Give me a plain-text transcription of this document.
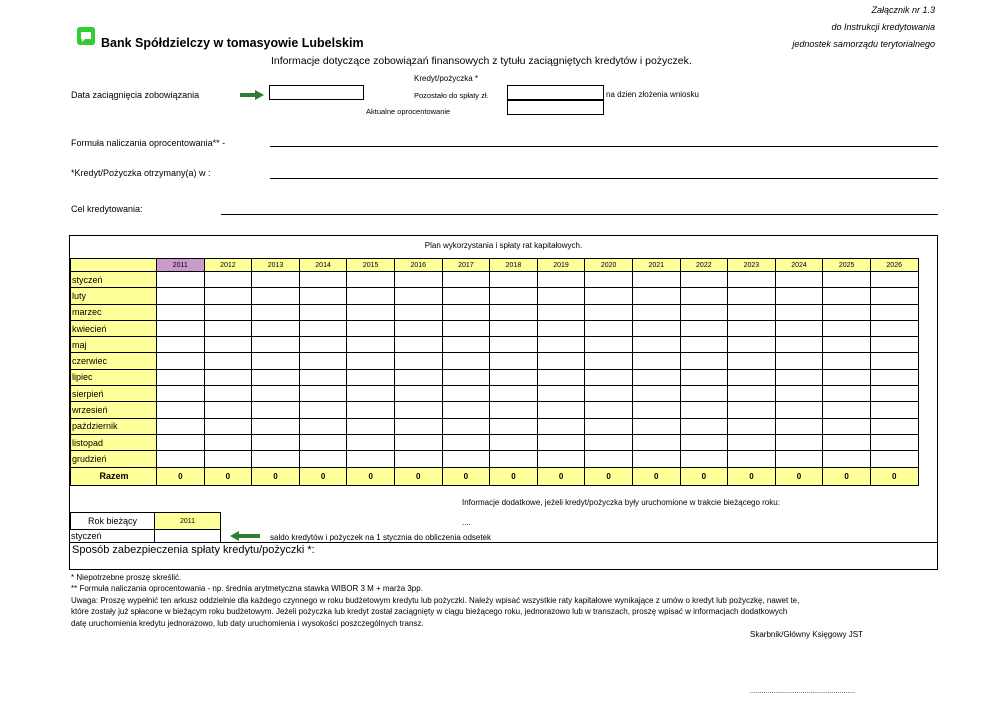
Załącznik nr 1.3
do Instrukcji kredytowania
jednostek samorządu terytorialnego
Bank Spółdzielczy w tomasyowie Lubelskim
Informacje dotyczące zobowiązań finansowych z tytułu zaciągniętych kredytów i pożyczek.
Kredyt/pożyczka *
Data zaciągnięcia zobowiązania	Pozostało do spłaty zł.	na dzien złożenia wniosku
Aktualne oprocentowanie
Formuła naliczania oprocentowania** -
*Kredyt/Pożyczka otrzymany(a) w :
Cel kredytowania:
Plan wykorzystania i spłaty rat kapitałowych.
	2011	2012	2013	2014	2015	2016	2017	2018	2019	2020	2021	2022	2023	2024	2025	2026
styczeń																
luty																
marzec																
kwiecień																
maj																
czerwiec																
lipiec																
sierpień																
wrzesień																
październik																
listopad																
grudzień																
Razem	0	0	0	0	0	0	0	0	0	0	0	0	0	0	0	0
Informacje dodatkowe, jeżeli kredyt/pożyczka były uruchomione w trakcie bieżącego roku:
....
Rok bieżący	2011
styczeń	saldo kredytów i pożyczek na 1 stycznia do obliczenia odsetek
Sposób zabezpieczenia spłaty kredytu/pożyczki *:
* Niepotrzebne proszę skreślić.
** Formuła naliczania oprocentowania - np. średnia arytmetyczna stawka WIBOR 3 M + marża 3pp.
Uwaga: Proszę wypełnić ten arkusz oddzielnie dla każdego czynnego w roku budżetowym kredytu lub pożyczki. Należy wpisać wszystkie raty kapitałowe wynikające z umów o kredyt lub pożyczkę, nawet te,
które zostały już spłacone w bieżącym roku budżetowym. Jeżeli pożyczka lub kredyt został zaciągnięty w ciągu bieżącego roku, jednorazowo lub w transzach, proszę wpisać w informacjach dodatkowych
datę uruchomienia kredytu jednorazowo, lub daty uruchomienia i wysokości poszczególnych transz.
Skarbnik/Główny Księgowy JST
......................................................
